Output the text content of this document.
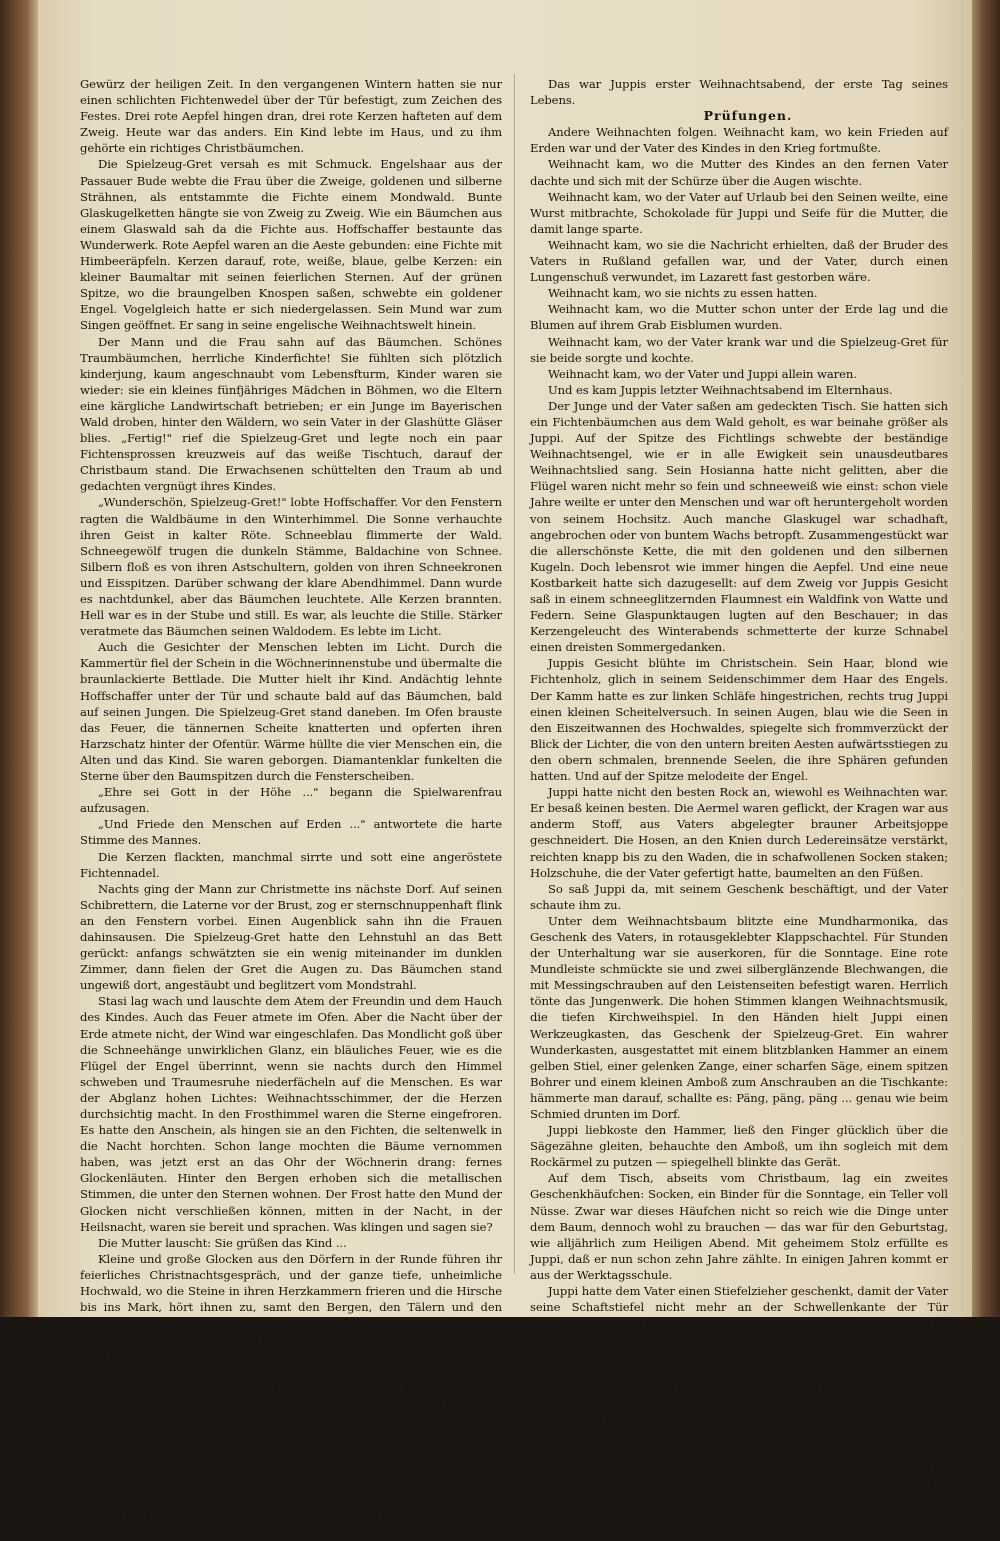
Gewürz der heiligen Zeit. In den vergangenen Wintern hatten sie nur einen schlichten Fichtenwedel über der Tür befestigt, zum Zeichen des Festes. Drei rote Aepfel hingen dran, drei rote Kerzen hafteten auf dem Zweig. Heute war das anders. Ein Kind lebte im Haus, und zu ihm gehörte ein richtiges Christbäumchen.

Die Spielzeug-Gret versah es mit Schmuck. Engelshaar aus der Passauer Bude webte die Frau über die Zweige, goldenen und silberne Strähnen, als entstammte die Fichte einem Mondwald. Bunte Glaskugelketten hängte sie von Zweig zu Zweig. Wie ein Bäumchen aus einem Glaswald sah da die Fichte aus. Hoffschaffer bestaunte das Wunderwerk. Rote Aepfel waren an die Aeste gebunden: eine Fichte mit Himbeeräpfeln. Kerzen darauf, rote, weiße, blaue, gelbe Kerzen: ein kleiner Baumaltar mit seinen feierlichen Sternen. Auf der grünen Spitze, wo die braungelben Knospen saßen, schwebte ein goldener Engel. Vogelgleich hatte er sich niedergelassen. Sein Mund war zum Singen geöffnet. Er sang in seine engelische Weihnachtswelt hinein.

Der Mann und die Frau sahn auf das Bäumchen. Schönes Traumbäumchen, herrliche Kinderfichte! Sie fühlten sich plötzlich kinderjung, kaum angeschnaubt vom Lebensfturm, Kinder waren sie wieder: sie ein kleines fünfjähriges Mädchen in Böhmen, wo die Eltern eine kärgliche Landwirtschaft betrieben; er ein Junge im Bayerischen Wald droben, hinter den Wäldern, wo sein Vater in der Glashütte Gläser blies. „Fertig!" rief die Spielzeug-Gret und legte noch ein paar Fichtensprossen kreuzweis auf das weiße Tischtuch, darauf der Christbaum stand. Die Erwachsenen schüttelten den Traum ab und gedachten vergnügt ihres Kindes.

„Wunderschön, Spielzeug-Gret!" lobte Hoffschaffer. Vor den Fenstern ragten die Waldbäume in den Winterhimmel. Die Sonne verhauchte ihren Geist in kalter Röte. Schneeblau flimmerte der Wald. Schneegewölf trugen die dunkeln Stämme, Baldachine von Schnee. Silbern floß es von ihren Astschultern, golden von ihren Schneekronen und Eisspitzen. Darüber schwang der klare Abendhimmel. Dann wurde es nachtdunkel, aber das Bäumchen leuchtete. Alle Kerzen brannten. Hell war es in der Stube und still. Es war, als leuchte die Stille. Stärker veratmete das Bäumchen seinen Waldodem. Es lebte im Licht.

Auch die Gesichter der Menschen lebten im Licht. Durch die Kammertür fiel der Schein in die Wöchnerinnenstube und übermalte die braunlackierte Bettlade. Die Mutter hielt ihr Kind. Andächtig lehnte Hoffschaffer unter der Tür und schaute bald auf das Bäumchen, bald auf seinen Jungen. Die Spielzeug-Gret stand daneben. Im Ofen brauste das Feuer, die tännernen Scheite knatterten und opferten ihren Harzschatz hinter der Ofentür. Wärme hüllte die vier Menschen ein, die Alten und das Kind. Sie waren geborgen. Diamantenklar funkelten die Sterne über den Baumspitzen durch die Fensterscheiben.

„Ehre sei Gott in der Höhe ..." begann die Spielwarenfrau aufzusagen.

„Und Friede den Menschen auf Erden ..." antwortete die harte Stimme des Mannes.

Die Kerzen flackten, manchmal sirrte und sott eine angeröstete Fichtennadel.

Nachts ging der Mann zur Christmette ins nächste Dorf. Auf seinen Schibrettern, die Laterne vor der Brust, zog er sternschnuppenhaft flink an den Fenstern vorbei. Einen Augenblick sahn ihn die Frauen dahinsausen. Die Spielzeug-Gret hatte den Lehnstuhl an das Bett gerückt: anfangs schwätzten sie ein wenig miteinander im dunklen Zimmer, dann fielen der Gret die Augen zu. Das Bäumchen stand ungewiß dort, angestäubt und beglitzert vom Mondstrahl.

Stasi lag wach und lauschte dem Atem der Freundin und dem Hauch des Kindes. Auch das Feuer atmete im Ofen. Aber die Nacht über der Erde atmete nicht, der Wind war eingeschlafen. Das Mondlicht goß über die Schneehänge unwirklichen Glanz, ein bläuliches Feuer, wie es die Flügel der Engel überrinnt, wenn sie nachts durch den Himmel schweben und Traumesruhe niederfächeln auf die Menschen. Es war der Abglanz hohen Lichtes: Weihnachtsschimmer, der die Herzen durchsichtig macht. In den Frosthimmel waren die Sterne eingefroren. Es hatte den Anschein, als hingen sie an den Fichten, die seltenwelk in die Nacht horchten. Schon lange mochten die Bäume vernommen haben, was jetzt erst an das Ohr der Wöchnerin drang: fernes Glockenläuten. Hinter den Bergen erhoben sich die metallischen Stimmen, die unter den Sternen wohnen. Der Frost hatte den Mund der Glocken nicht verschließen können, mitten in der Nacht, in der Heilsnacht, waren sie bereit und sprachen. Was klingen und sagen sie?

Die Mutter lauscht: Sie grüßen das Kind ...

Kleine und große Glocken aus den Dörfern in der Runde führen ihr feierliches Christnachtsgespräch, und der ganze tiefe, unheimliche Hochwald, wo die Steine in ihren Herzkammern frieren und die Hirsche bis ins Mark, hört ihnen zu, samt den Bergen, den Tälern und den verstreutwohnenden Menschen darin.

Die Mutter lauscht: Die Kirchen grüßen das Kind ...

Ihre Augen verschleiern sich, die Sterne blitzen ihr auf einmal nicht mehr so klar. Doch die Glocken läuten. Ferneher summt der Klang. Sie erkennt sie alle, die weite Landschaft des Waldes ertönt den Glockenstimmen. Neue Rufer melden sich, sie mögen nicht fehlen im Weihnachtschor. Nun sind alle versammelt, alle schwingen in ihren Glockenstühlen.

Der Schall von vielen Seiten weckte die Spielzeug-Gret.

„Es läutet ..." sagte sie, schlaftrunken auffahrend.

„Zur Christmette ..." setzte Stasi leis hinzu.

„Mitternacht ..."

Und sie lauschten zu zweit. In der Wohnstube duftete das Bäumchen wie Rosenholz.

Das war Juppis erster Weihnachtsabend, der erste Tag seines Lebens.

Prüfungen.

Andere Weihnachten folgen. Weihnacht kam, wo kein Frieden auf Erden war und der Vater des Kindes in den Krieg fortmußte.

Weihnacht kam, wo die Mutter des Kindes an den fernen Vater dachte und sich mit der Schürze über die Augen wischte.

Weihnacht kam, wo der Vater auf Urlaub bei den Seinen weilte, eine Wurst mitbrachte, Schokolade für Juppi und Seife für die Mutter, die damit lange sparte.

Weihnacht kam, wo sie die Nachricht erhielten, daß der Bruder des Vaters in Rußland gefallen war, und der Vater, durch einen Lungenschuß verwundet, im Lazarett fast gestorben wäre.

Weihnacht kam, wo sie nichts zu essen hatten.

Weihnacht kam, wo die Mutter schon unter der Erde lag und die Blumen auf ihrem Grab Eisblumen wurden.

Weihnacht kam, wo der Vater krank war und die Spielzeug-Gret für sie beide sorgte und kochte.

Weihnacht kam, wo der Vater und Juppi allein waren.

Und es kam Juppis letzter Weihnachtsabend im Elternhaus.

Der Junge und der Vater saßen am gedeckten Tisch. Sie hatten sich ein Fichtenbäumchen aus dem Wald geholt, es war beinahe größer als Juppi. Auf der Spitze des Fichtlings schwebte der beständige Weihnachtsengel, wie er in alle Ewigkeit sein unausdeutbares Weihnachtslied sang. Sein Hosianna hatte nicht gelitten, aber die Flügel waren nicht mehr so fein und schneeweiß wie einst: schon viele Jahre weilte er unter den Menschen und war oft heruntergeholt worden von seinem Hochsitz. Auch manche Glaskugel war schadhaft, angebrochen oder von buntem Wachs betropft. Zusammengestückt war die allerschönste Kette, die mit den goldenen und den silbernen Kugeln. Doch lebensrot wie immer hingen die Aepfel. Und eine neue Kostbarkeit hatte sich dazugesellt: auf dem Zweig vor Juppis Gesicht saß in einem schneeglitzernden Flaumnest ein Waldfink von Watte und Federn. Seine Glaspunktaugen lugten auf den Beschauer; in das Kerzengeleucht des Winterabends schmetterte der kurze Schnabel einen dreisten Sommergedanken.

Juppis Gesicht blühte im Christschein. Sein Haar, blond wie Fichtenholz, glich in seinem Seidenschimmer dem Haar des Engels. Der Kamm hatte es zur linken Schläfe hingestrichen, rechts trug Juppi einen kleinen Scheitelversuch. In seinen Augen, blau wie die Seen in den Eiszeitwannen des Hochwaldes, spiegelte sich frommverzückt der Blick der Lichter, die von den untern breiten Aesten aufwärtsstiegen zu den obern schmalen, brennende Seelen, die ihre Sphären gefunden hatten. Und auf der Spitze melodeite der Engel.

Juppi hatte nicht den besten Rock an, wiewohl es Weihnachten war. Er besaß keinen besten. Die Aermel waren geflickt, der Kragen war aus anderm Stoff, aus Vaters abgelegter brauner Arbeitsjoppe geschneidert. Die Hosen, an den Knien durch Ledereinsätze verstärkt, reichten knapp bis zu den Waden, die in schafwollenen Socken staken; Holzschuhe, die der Vater gefertigt hatte, baumelten an den Füßen.

So saß Juppi da, mit seinem Geschenk beschäftigt, und der Vater schaute ihm zu.

Unter dem Weihnachtsbaum blitzte eine Mundharmonika, das Geschenk des Vaters, in rotausgeklebter Klappschachtel. Für Stunden der Unterhaltung war sie auserkoren, für die Sonntage. Eine rote Mundleiste schmückte sie und zwei silberglänzende Blechwangen, die mit Messingschrauben auf den Leistenseiten befestigt waren. Herrlich tönte das Jungenwerk. Die hohen Stimmen klangen Weihnachtsmusik, die tiefen Kirchweihspiel. In den Händen hielt Juppi einen Werkzeugkasten, das Geschenk der Spielzeug-Gret. Ein wahrer Wunderkasten, ausgestattet mit einem blitzblanken Hammer an einem gelben Stiel, einer gelenken Zange, einer scharfen Säge, einem spitzen Bohrer und einem kleinen Amboß zum Anschrauben an die Tischkante: hämmerte man darauf, schallte es: Päng, päng, päng ... genau wie beim Schmied drunten im Dorf.

Juppi liebkoste den Hammer, ließ den Finger glücklich über die Sägezähne gleiten, behauchte den Amboß, um ihn sogleich mit dem Rockärmel zu putzen — spiegelhell blinkte das Gerät.

Auf dem Tisch, abseits vom Christbaum, lag ein zweites Geschenkhäufchen: Socken, ein Binder für die Sonntage, ein Teller voll Nüsse. Zwar war dieses Häufchen nicht so reich wie die Dinge unter dem Baum, dennoch wohl zu brauchen — das war für den Geburtstag, wie alljährlich zum Heiligen Abend. Mit geheimem Stolz erfüllte es Juppi, daß er nun schon zehn Jahre zählte. In einigen Jahren kommt er aus der Werktagsschule.

Juppi hatte dem Vater einen Stiefelzieher geschenkt, damit der Vater seine Schaftstiefel nicht mehr an der Schwellenkante der Tür auszuziehen brauchte, wenn er abends von der schweren Holzarbeit im Wald heimkam. Lieber hätte er ihm ja eine Tabakspfeife einbeschert, aber die Spielzeug-Gret, bei der er gegen kleine Dienstleistungen den Stiefelzieher erstand, wußte ihn von der Tabakspfeife abzubringen, der Vater vertrage das Rauchen nicht wegen seiner schwachen Lunge.

Der Stiefelzieher war braun gebeizt. Da stand er unter dem Christbaum, beschienen vom Weihnachtsglanz, wie die Harmonika, der Werkzeugkasten und die ganze Stube.

Im Ofen summte das Feuer wie all die Jahre zur Winterzeit. Vor den Fenstern knisterten die Schneenacht, und die mächtigen Fichten im Hang, die mit den Kronen die Sterne berührten, waren wie aus Eis gegossen.

(Fortsetzung folgt.)
